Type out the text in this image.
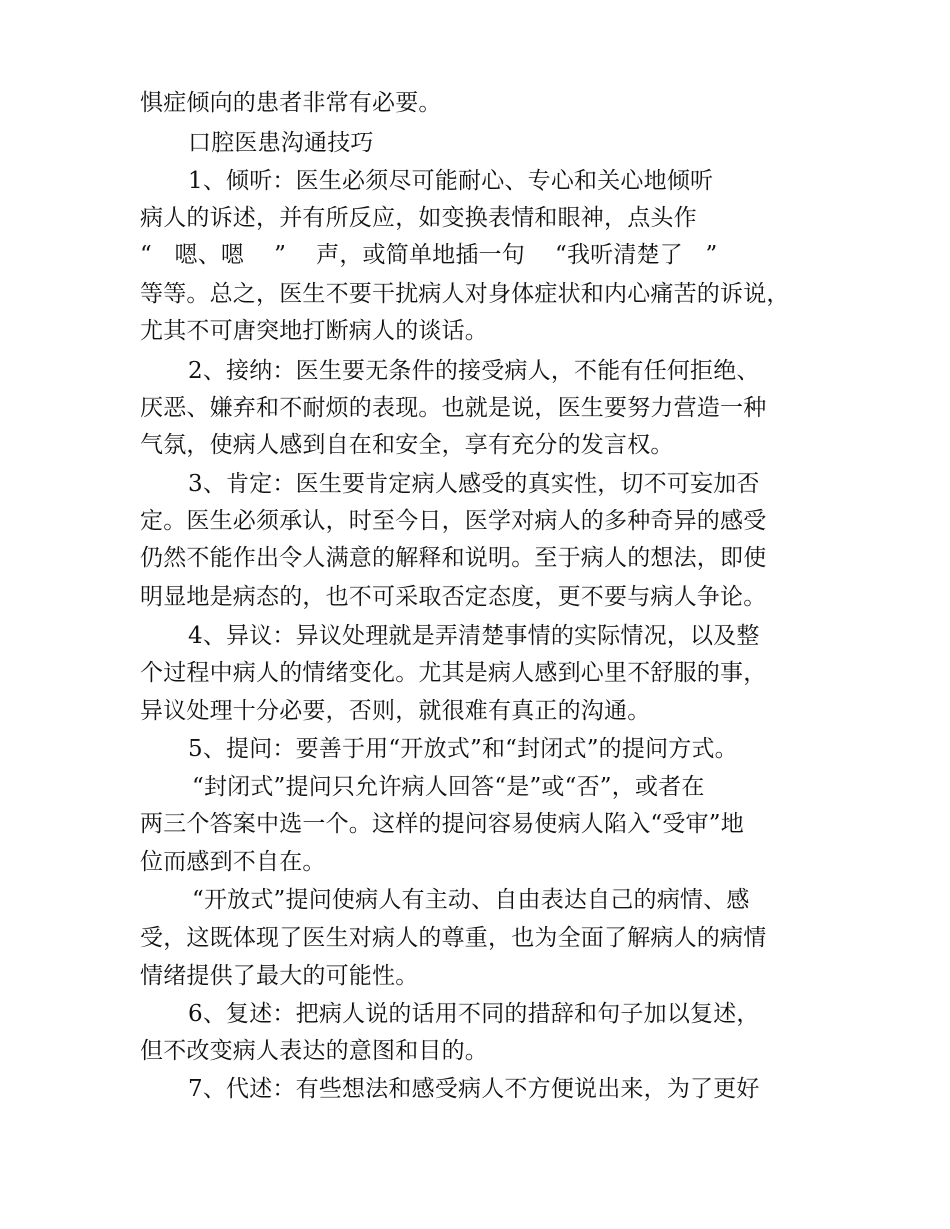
惧症倾向的患者非常有必要。
口腔医患沟通技巧
1、倾听：医生必须尽可能耐心、专心和关心地倾听
病人的诉述，并有所反应，如变换表情和眼神，点头作
“   嗯、嗯    ”    声，或简单地插一句    “我听清楚了   ”
等等。总之，医生不要干扰病人对身体症状和内心痛苦的诉说，
尤其不可唐突地打断病人的谈话。
2、接纳：医生要无条件的接受病人，不能有任何拒绝、
厌恶、嫌弃和不耐烦的表现。也就是说，医生要努力营造一种
气氛，使病人感到自在和安全，享有充分的发言权。
3、肯定：医生要肯定病人感受的真实性，切不可妄加否
定。医生必须承认，时至今日，医学对病人的多种奇异的感受
仍然不能作出令人满意的解释和说明。至于病人的想法，即使
明显地是病态的，也不可采取否定态度，更不要与病人争论。
4、异议：异议处理就是弄清楚事情的实际情况，以及整
个过程中病人的情绪变化。尤其是病人感到心里不舒服的事，
异议处理十分必要，否则，就很难有真正的沟通。
5、提问：要善于用“开放式”和“封闭式”的提问方式。
“封闭式”提问只允许病人回答“是”或“否”，或者在
两三个答案中选一个。这样的提问容易使病人陷入“受审”地
位而感到不自在。
“开放式”提问使病人有主动、自由表达自己的病情、感
受，这既体现了医生对病人的尊重，也为全面了解病人的病情
情绪提供了最大的可能性。
6、复述：把病人说的话用不同的措辞和句子加以复述，
但不改变病人表达的意图和目的。
7、代述：有些想法和感受病人不方便说出来，为了更好
